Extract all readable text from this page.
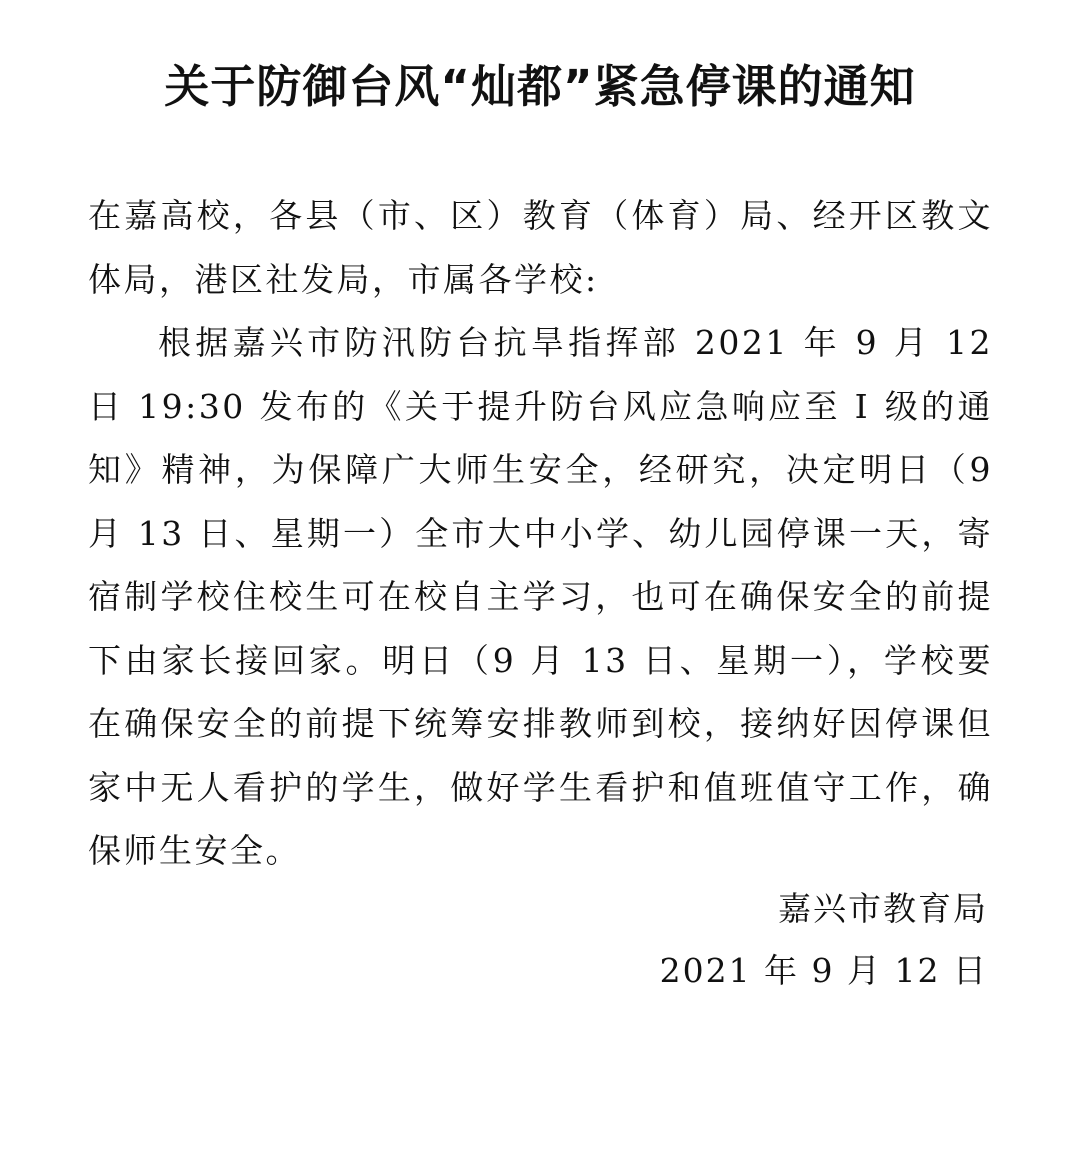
关于防御台风“灿都”紧急停课的通知

在嘉高校，各县（市、区）教育（体育）局、经开区教文体局，港区社发局，市属各学校:

根据嘉兴市防汛防台抗旱指挥部 2021 年 9 月 12 日 19:30 发布的《关于提升防台风应急响应至 Ⅰ 级的通知》精神，为保障广大师生安全，经研究，决定明日（9 月 13 日、星期一）全市大中小学、幼儿园停课一天，寄宿制学校住校生可在校自主学习，也可在确保安全的前提下由家长接回家。明日（9 月 13 日、星期一），学校要在确保安全的前提下统筹安排教师到校，接纳好因停课但家中无人看护的学生，做好学生看护和值班值守工作，确保师生安全。

嘉兴市教育局
2021 年 9 月 12 日
